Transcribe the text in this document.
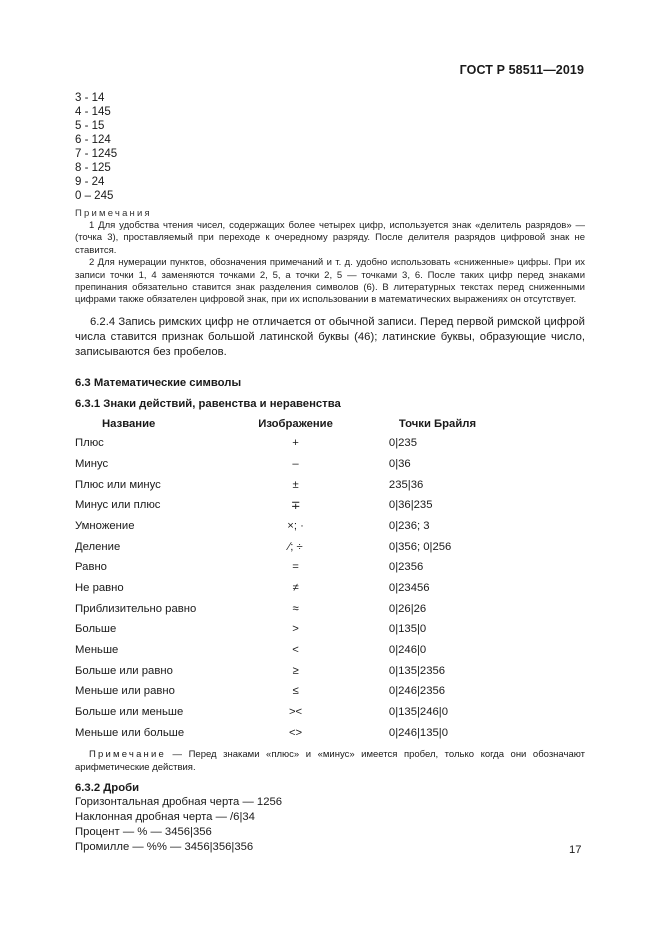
ГОСТ Р 58511—2019
3 - 14
4 - 145
5 - 15
6 - 124
7 - 1245
8 - 125
9 - 24
0 – 245
Примечания

1 Для удобства чтения чисел, содержащих более четырех цифр, используется знак «делитель разрядов» — (точка 3), проставляемый при переходе к очередному разряду. После делителя разрядов цифровой знак не ставится.

2 Для нумерации пунктов, обозначения примечаний и т. д. удобно использовать «сниженные» цифры. При их записи точки 1, 4 заменяются точками 2, 5, а точки 2, 5 — точками 3, 6. После таких цифр перед знаками препинания обязательно ставится знак разделения символов (6). В литературных текстах перед сниженными цифрами также обязателен цифровой знак, при их использовании в математических выражениях он отсутствует.

6.2.4 Запись римских цифр не отличается от обычной записи. Перед первой римской цифрой числа ставится признак большой латинской буквы (46); латинские буквы, образующие число, записываются без пробелов.

6.3 Математические символы
6.3.1 Знаки действий, равенства и неравенства
Название	Изображение	Точки Брайля
Плюс	+	0|235
Минус	–	0|36
Плюс или минус	±	235|36
Минус или плюс	∓	0|36|235
Умножение	×; ·	0|236; 3
Деление	∕; ÷	0|356; 0|256
Равно	=	0|2356
Не равно	≠	0|23456
Приблизительно равно	≈	0|26|26
Больше	>	0|135|0
Меньше	<	0|246|0
Больше или равно	≥	0|135|2356
Меньше или равно	≤	0|246|2356
Больше или меньше	><	0|135|246|0
Меньше или больше	<>	0|246|135|0

Примечание — Перед знаками «плюс» и «минус» имеется пробел, только когда они обозначают арифметические действия.

6.3.2 Дроби
Горизонтальная дробная черта — 1256
Наклонная дробная черта — /6|34
Процент — % — 3456|356
Промилле — %% — 3456|356|356	17
